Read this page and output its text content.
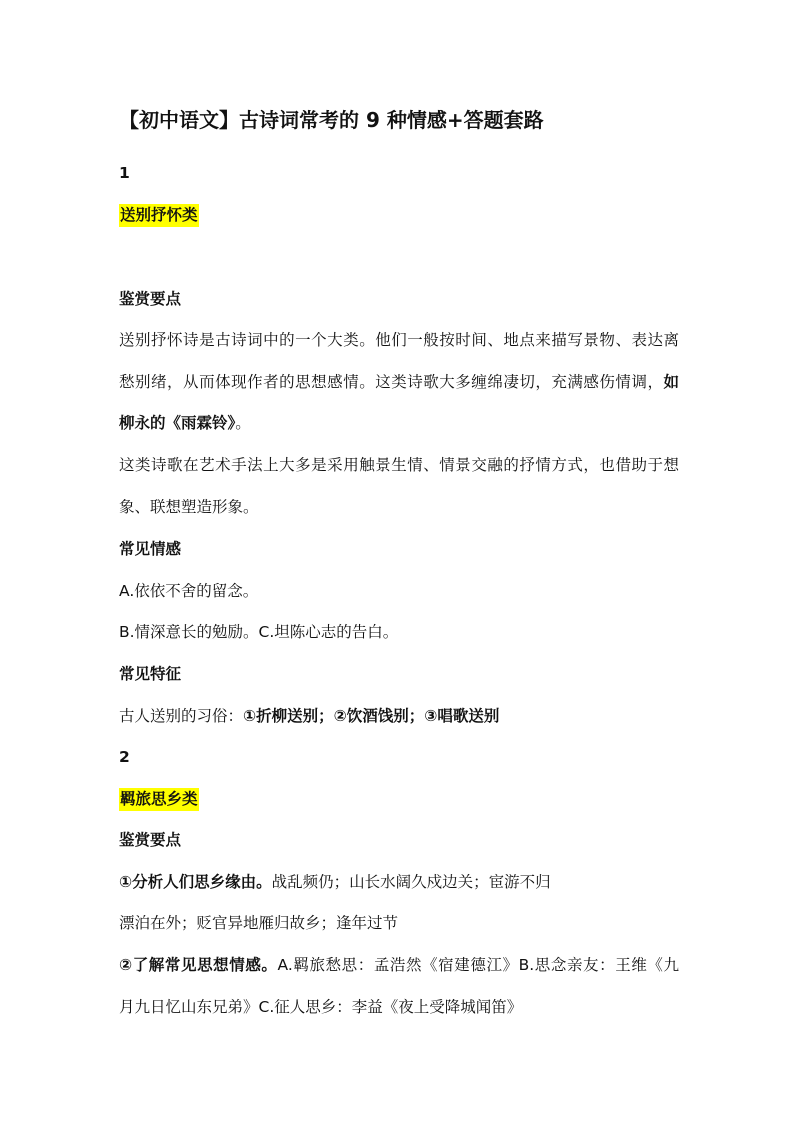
【初中语文】古诗词常考的 9 种情感+答题套路
1
送别抒怀类
鉴赏要点
送别抒怀诗是古诗词中的一个大类。他们一般按时间、地点来描写景物、表达离
愁别绪，从而体现作者的思想感情。这类诗歌大多缠绵凄切，充满感伤情调，如
柳永的《雨霖铃》。
这类诗歌在艺术手法上大多是采用触景生情、情景交融的抒情方式，也借助于想
象、联想塑造形象。
常见情感
A.依依不舍的留念。
B.情深意长的勉励。C.坦陈心志的告白。
常见特征
古人送别的习俗：①折柳送别；②饮酒饯别；③唱歌送别
2
羁旅思乡类
鉴赏要点
①分析人们思乡缘由。战乱频仍；山长水阔久戍边关；宦游不归
漂泊在外；贬官异地雁归故乡；逢年过节
②了解常见思想情感。A.羁旅愁思：孟浩然《宿建德江》B.思念亲友：王维《九
月九日忆山东兄弟》C.征人思乡：李益《夜上受降城闻笛》
